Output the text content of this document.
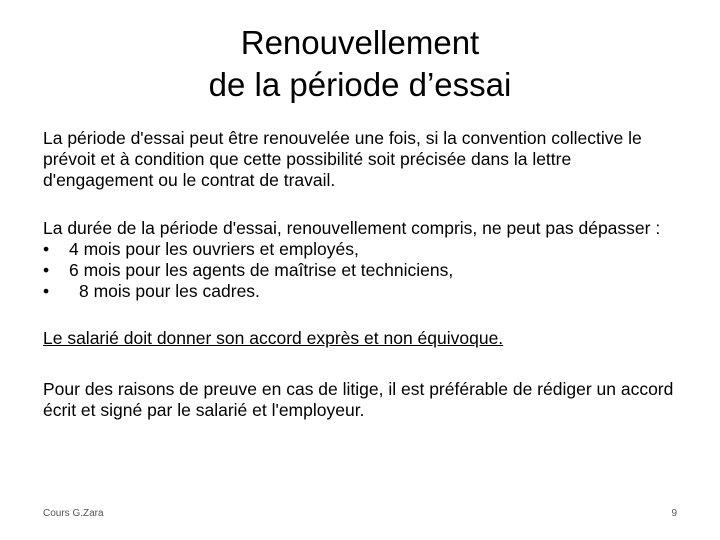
Renouvellement
de la période d’essai

La période d'essai peut être renouvelée une fois, si la convention collective le prévoit et à condition que cette possibilité soit précisée dans la lettre d'engagement ou le contrat de travail.

La durée de la période d'essai, renouvellement compris, ne peut pas dépasser :

• 4 mois pour les ouvriers et employés,
• 6 mois pour les agents de maîtrise et techniciens,
• 8 mois pour les cadres.

Le salarié doit donner son accord exprès et non équivoque.

Pour des raisons de preuve en cas de litige, il est préférable de rédiger un accord écrit et signé par le salarié et l'employeur.

Cours G.Zara	9
